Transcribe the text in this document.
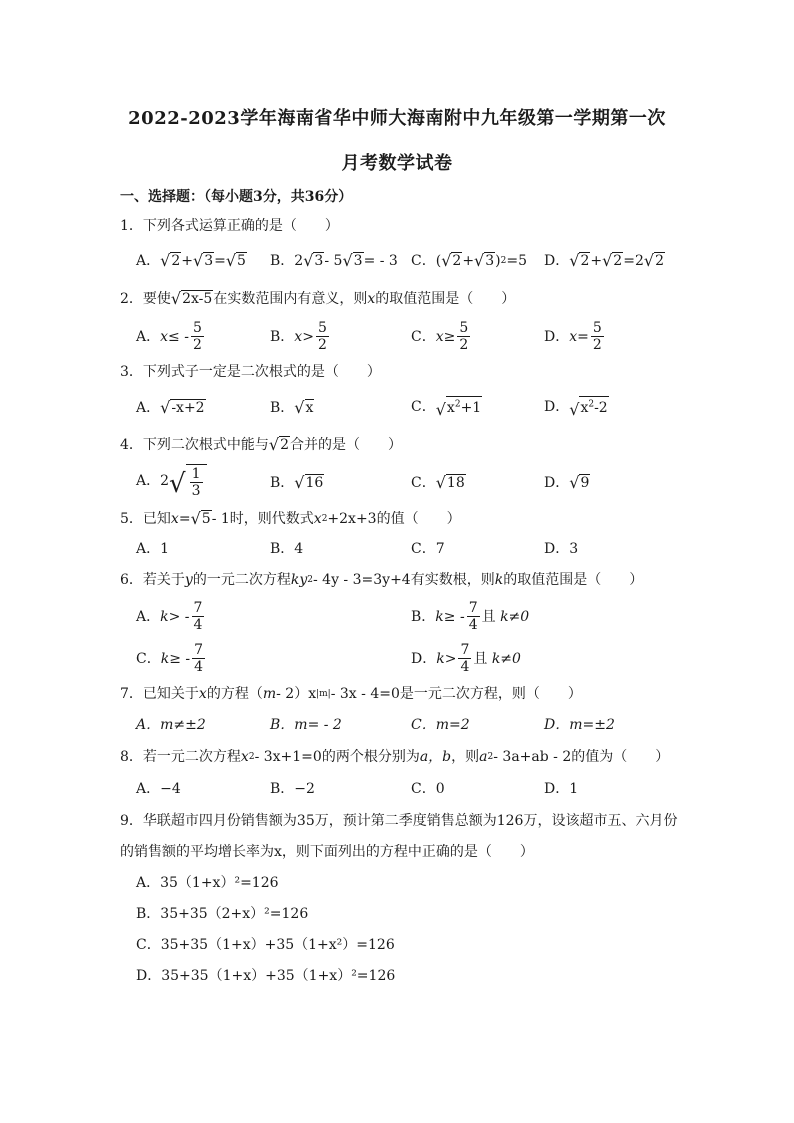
2022-2023学年海南省华中师大海南附中九年级第一学期第一次
月考数学试卷
一、选择题：（每小题3分，共36分）
1．下列各式运算正确的是（　　）
A． √ 2 + √ 3 = √ 5 B． 2 √ 3 - 5 √ 3 = - 3 C． ( √ 2 + √ 3 ) 2 =5 D． √ 2 + √ 2 =2 √ 2
2．要使 √ 2x-5 在实数范围内有意义，则 x 的取值范围是（　　）
A． $x\le - \frac{5}{2}$	B． $x> \frac{5}{2}$	C． $x\ge \frac{5}{2}$	D． $x= \frac{5}{2}$
3．下列式子一定是二次根式的是（　　）
A． √ -x+2	B． √ x	C． √ $x^2+1$	D． √ $x^2-2$
4．下列二次根式中能与 √ 2 合并的是（　　）
A． 2 √ $\frac{1}{3}$	B． √ 16	C． √ 18	D． √ 9
5．已知 x = √ 5 - 1时，则代数式 x 2 +2x+3的值（　　）
A．1	B．4	C．7	D．3
6．若关于 y 的一元二次方程 k y 2 - 4y - 3=3y+4有实数根，则 k 的取值范围是（　　）
A． $k> - \frac{7}{4}$	B． $k\ge - \frac{7}{4}$ 且
k≠0
C． $k\ge - \frac{7}{4}$	D． $k> \frac{7}{4}$ 且
k≠0
7．已知关于 x 的方程（ m - 2）x |m| - 3x - 4=0是一元二次方程，则（　　）
A．m≠±2	B．m= - 2	C．m=2	D．m=±2
8．若一元二次方程 x 2 - 3x+1=0的两个根分别为 a，b ，则 a 2 - 3a+ab - 2的值为（　　）
A．−4	B．−2	C．0	D．1
9．华联超市四月份销售额为35万，预计第二季度销售总额为126万，设该超市五、六月份
的销售额的平均增长率为x，则下面列出的方程中正确的是（　　）
A．35（1+x）²=126
B．35+35（2+x）²=126
C．35+35（1+x）+35（1+x²）=126
D．35+35（1+x）+35（1+x）²=126
